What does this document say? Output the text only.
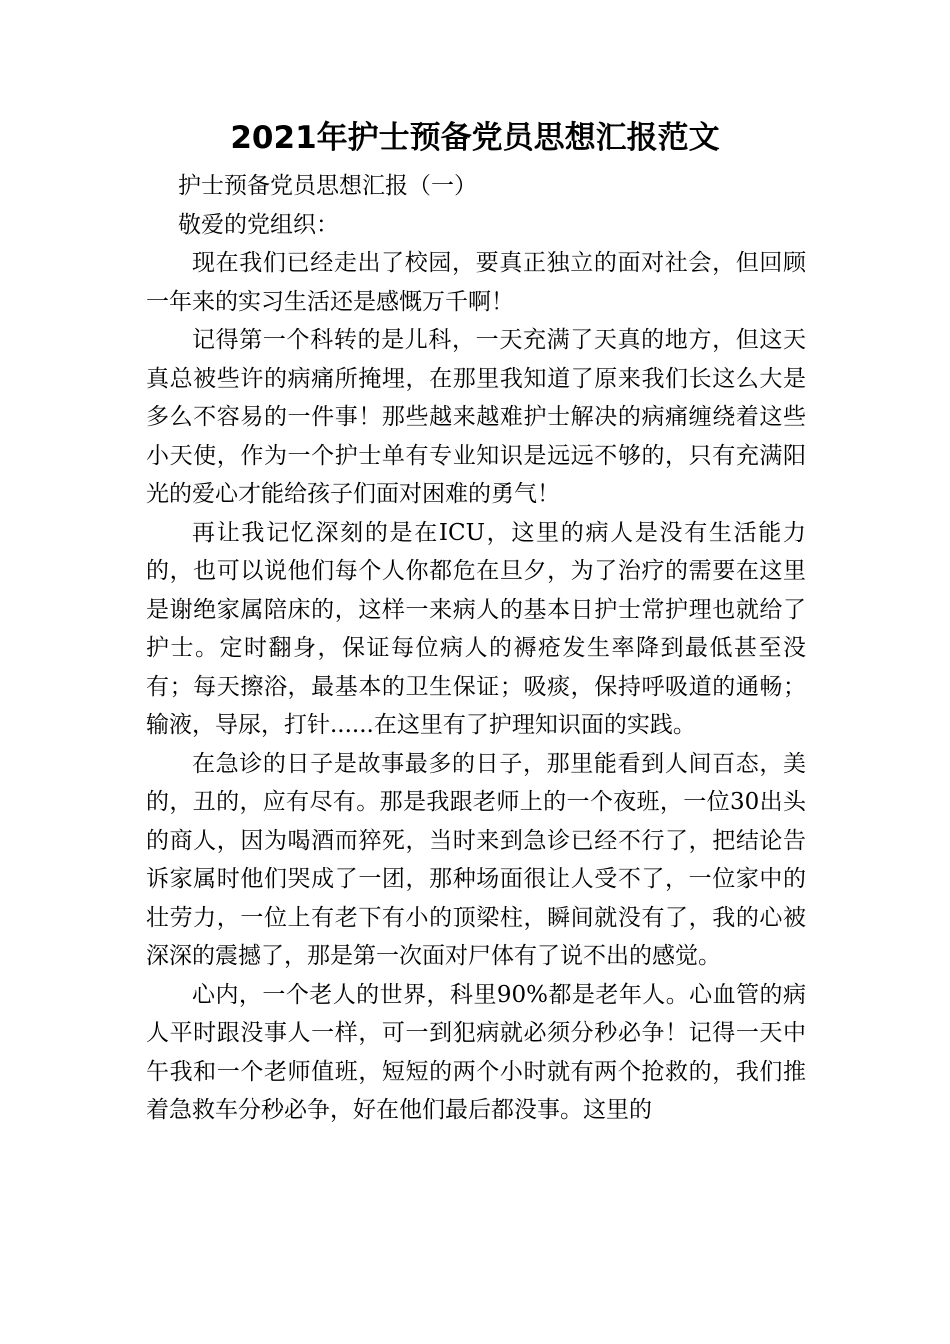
2021年护士预备党员思想汇报范文

护士预备党员思想汇报（一）

敬爱的党组织：

现在我们已经走出了校园，要真正独立的面对社会，但回顾一年来的实习生活还是感慨万千啊！

记得第一个科转的是儿科，一天充满了天真的地方，但这天真总被些许的病痛所掩埋，在那里我知道了原来我们长这么大是多么不容易的一件事！那些越来越难护士解决的病痛缠绕着这些小天使，作为一个护士单有专业知识是远远不够的，只有充满阳光的爱心才能给孩子们面对困难的勇气！

再让我记忆深刻的是在ICU，这里的病人是没有生活能力的，也可以说他们每个人你都危在旦夕，为了治疗的需要在这里是谢绝家属陪床的，这样一来病人的基本日护士常护理也就给了护士。定时翻身，保证每位病人的褥疮发生率降到最低甚至没有；每天擦浴，最基本的卫生保证；吸痰，保持呼吸道的通畅；输液，导尿，打针......在这里有了护理知识面的实践。

在急诊的日子是故事最多的日子，那里能看到人间百态，美的，丑的，应有尽有。那是我跟老师上的一个夜班，一位30出头的商人，因为喝酒而猝死，当时来到急诊已经不行了，把结论告诉家属时他们哭成了一团，那种场面很让人受不了，一位家中的壮劳力，一位上有老下有小的顶梁柱，瞬间就没有了，我的心被深深的震撼了，那是第一次面对尸体有了说不出的感觉。

心内，一个老人的世界，科里90%都是老年人。心血管的病人平时跟没事人一样，可一到犯病就必须分秒必争！记得一天中午我和一个老师值班，短短的两个小时就有两个抢救的，我们推着急救车分秒必争，好在他们最后都没事。这里的
